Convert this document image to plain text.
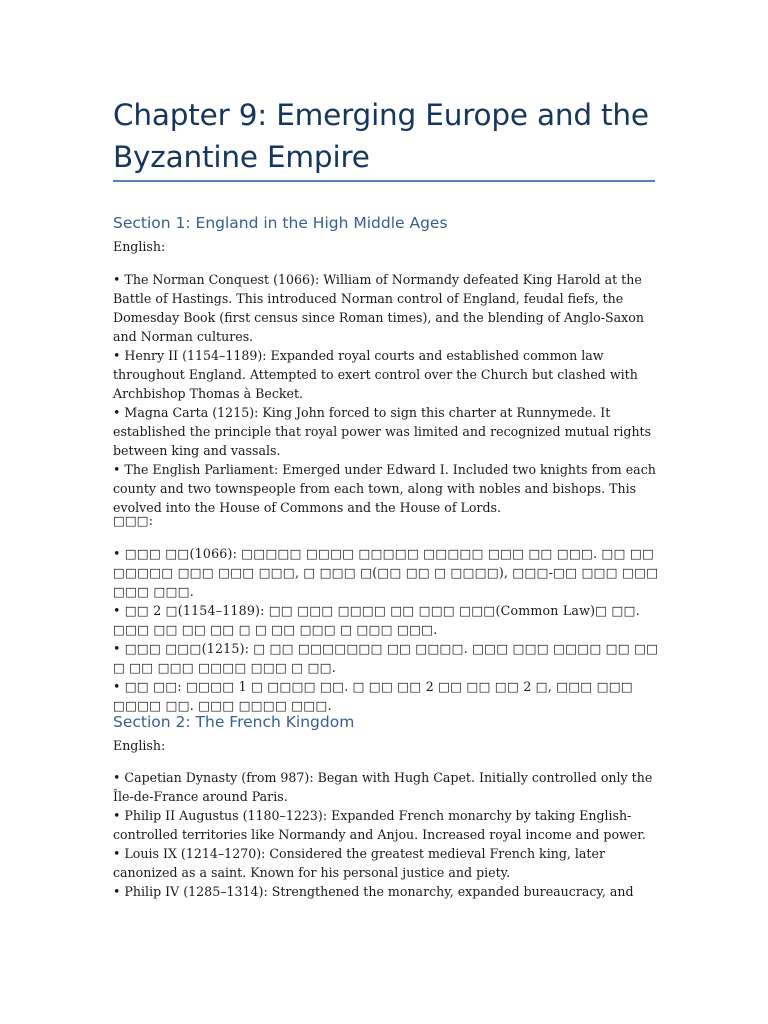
Chapter 9: Emerging Europe and the Byzantine Empire
Section 1: England in the High Middle Ages

English:

• The Norman Conquest (1066): William of Normandy defeated King Harold at the Battle of Hastings. This introduced Norman control of England, feudal fiefs, the Domesday Book (first census since Roman times), and the blending of Anglo-Saxon and Norman cultures.
• Henry II (1154–1189): Expanded royal courts and established common law throughout England. Attempted to exert control over the Church but clashed with Archbishop Thomas à Becket.
• Magna Carta (1215): King John forced to sign this charter at Runnymede. It established the principle that royal power was limited and recognized mutual rights between king and vassals.
• The English Parliament: Emerged under Edward I. Included two knights from each county and two townspeople from each town, along with nobles and bishops. This evolved into the House of Commons and the House of Lords.

□□□:

• □□□ □□(1066): □□□□□ □□□□ □□□□□ □□□□□ □□□ □□ □□□. □□ □□ □□□□□ □□□ □□□ □□□, □ □□□ □(□□ □□ □ □□□□), □□□-□□ □□□ □□□ □□□ □□□.
• □□ 2 □(1154–1189): □□ □□□ □□□□ □□ □□□ □□□(Common Law)□ □□. □□□ □□ □□ □□ □ □ □□ □□□ □ □□□ □□□.
• □□□ □□□(1215): □ □□ □□□□□□□ □□ □□□□. □□□ □□□ □□□□ □□ □□ □ □□ □□□ □□□□ □□□ □ □□.
• □□ □□: □□□□ 1 □ □□□□ □□. □ □□ □□ 2 □□ □□ □□ 2 □, □□□ □□□ □□□□ □□. □□□ □□□□ □□□.
Section 2: The French Kingdom

English:

• Capetian Dynasty (from 987): Began with Hugh Capet. Initially controlled only the Île-de-France around Paris.
• Philip II Augustus (1180–1223): Expanded French monarchy by taking English-controlled territories like Normandy and Anjou. Increased royal income and power.
• Louis IX (1214–1270): Considered the greatest medieval French king, later canonized as a saint. Known for his personal justice and piety.
• Philip IV (1285–1314): Strengthened the monarchy, expanded bureaucracy, and
